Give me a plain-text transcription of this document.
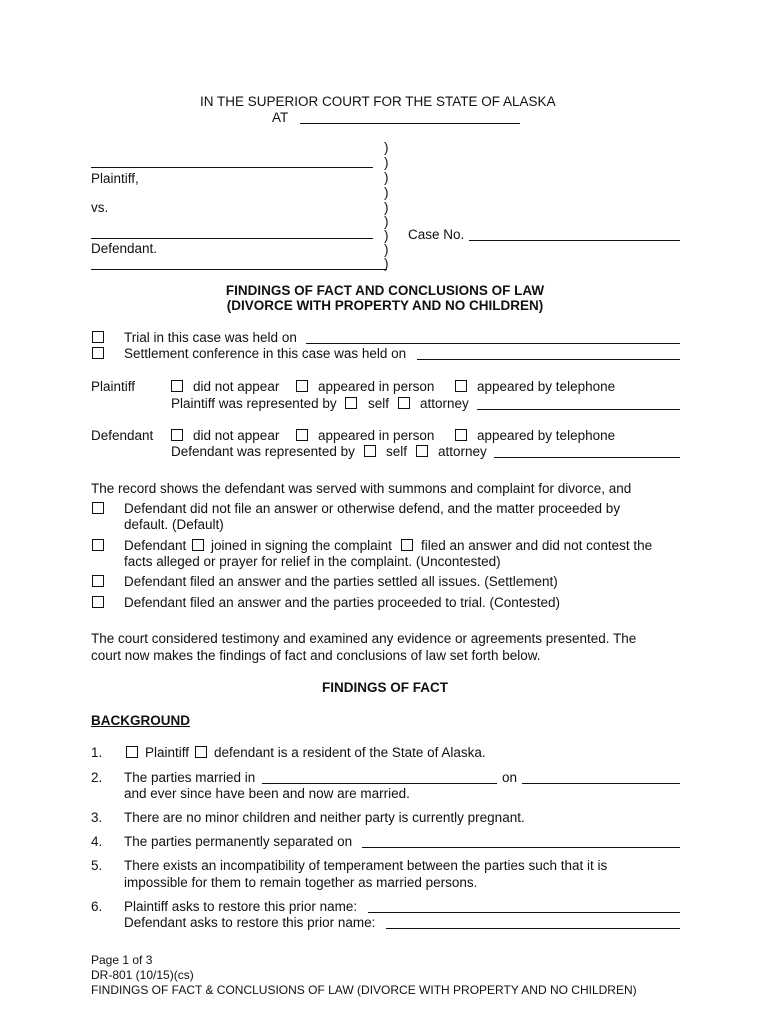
IN THE SUPERIOR COURT FOR THE STATE OF ALASKA
AT
Plaintiff,
vs.
Defendant.
)
)
)
)
)
)
)
)
)
Case No.
FINDINGS OF FACT AND CONCLUSIONS OF LAW
(DIVORCE WITH PROPERTY AND NO CHILDREN)
Trial in this case was held on
Settlement conference in this case was held on
Plaintiff	did not appear	appeared in person	appeared by telephone
Plaintiff was represented by self attorney
Defendant	did not appear	appeared in person	appeared by telephone
Defendant was represented by self attorney
The record shows the defendant was served with summons and complaint for divorce, and
Defendant did not file an answer or otherwise defend, and the matter proceeded by
default. (Default)
Defendant joined in signing the complaint filed an answer and did not contest the
facts alleged or prayer for relief in the complaint. (Uncontested)
Defendant filed an answer and the parties settled all issues. (Settlement)
Defendant filed an answer and the parties proceeded to trial. (Contested)
The court considered testimony and examined any evidence or agreements presented. The
court now makes the findings of fact and conclusions of law set forth below.
FINDINGS OF FACT
BACKGROUND
1.	Plaintiff defendant is a resident of the State of Alaska.
2. The parties married in	on
and ever since have been and now are married.
3. There are no minor children and neither party is currently pregnant.
4. The parties permanently separated on
5. There exists an incompatibility of temperament between the parties such that it is
impossible for them to remain together as married persons.
6. Plaintiff asks to restore this prior name:
Defendant asks to restore this prior name:
Page 1 of 3
DR-801 (10/15)(cs)
FINDINGS OF FACT & CONCLUSIONS OF LAW (DIVORCE WITH PROPERTY AND NO CHILDREN)
